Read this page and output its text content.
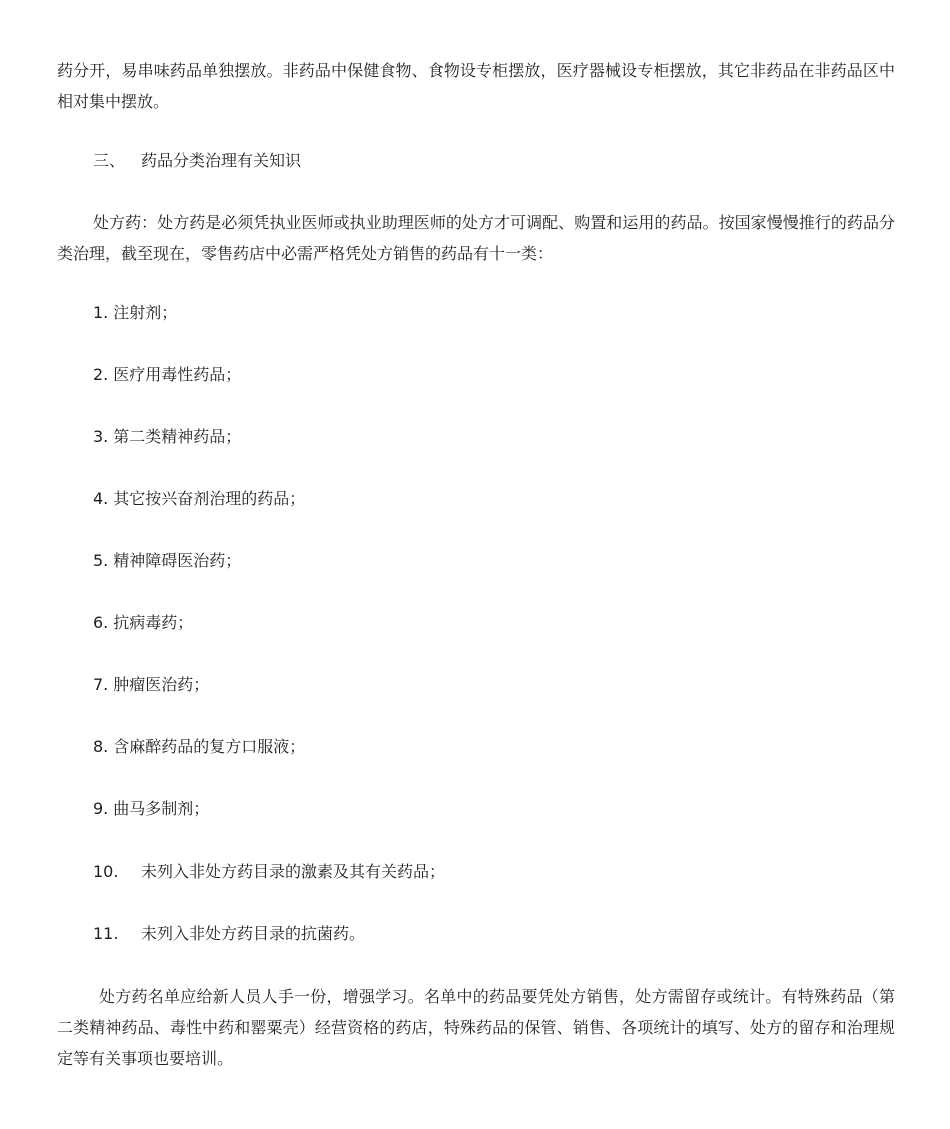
药分开，易串味药品单独摆放。非药品中保健食物、食物设专柜摆放，医疗器械设专柜摆放，其它非药品在非药品区中相对集中摆放。

三、 药品分类治理有关知识

处方药：处方药是必须凭执业医师或执业助理医师的处方才可调配、购置和运用的药品。按国家慢慢推行的药品分类治理，截至现在，零售药店中必需严格凭处方销售的药品有十一类：

1. 注射剂；

2. 医疗用毒性药品；

3. 第二类精神药品；

4. 其它按兴奋剂治理的药品；

5. 精神障碍医治药；

6. 抗病毒药；

7. 肿瘤医治药；

8. 含麻醉药品的复方口服液；

9. 曲马多制剂；

10. 未列入非处方药目录的激素及其有关药品；

11. 未列入非处方药目录的抗菌药。

处方药名单应给新人员人手一份，增强学习。名单中的药品要凭处方销售，处方需留存或统计。有特殊药品（第二类精神药品、毒性中药和罂粟壳）经营资格的药店，特殊药品的保管、销售、各项统计的填写、处方的留存和治理规定等有关事项也要培训。
